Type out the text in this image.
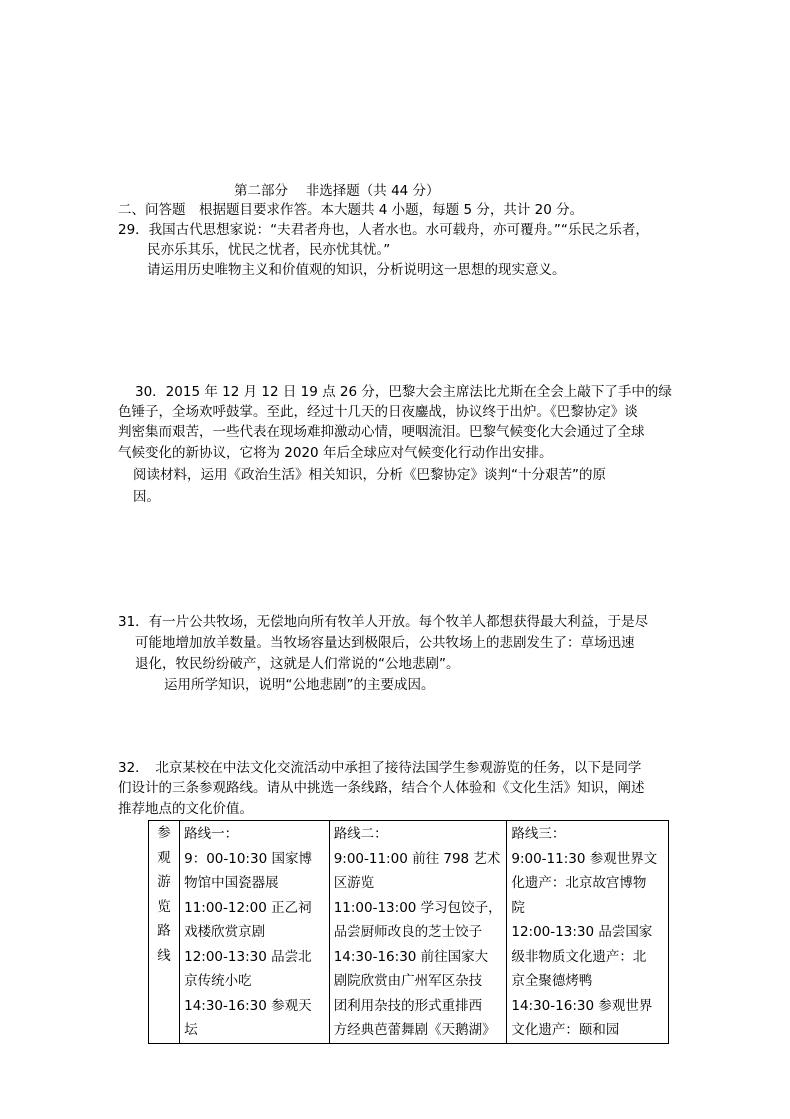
第二部分　 非选择题（共 44 分）
二、问答题　根据题目要求作答。本大题共 4 小题，每题 5 分，共计 20 分。
29．我国古代思想家说：“夫君者舟也，人者水也。水可载舟，亦可覆舟。”“乐民之乐者，
民亦乐其乐，忧民之忧者，民亦忧其忧。”
请运用历史唯物主义和价值观的知识，分析说明这一思想的现实意义。
30．2015 年 12 月 12 日 19 点 26 分，巴黎大会主席法比尤斯在全会上敲下了手中的绿
色锤子，全场欢呼鼓掌。至此，经过十几天的日夜鏖战，协议终于出炉。《巴黎协定》谈
判密集而艰苦，一些代表在现场难抑激动心情，哽咽流泪。巴黎气候变化大会通过了全球
气候变化的新协议，它将为 2020 年后全球应对气候变化行动作出安排。
阅读材料，运用《政治生活》相关知识，分析《巴黎协定》谈判“十分艰苦”的原
因。
31．有一片公共牧场，无偿地向所有牧羊人开放。每个牧羊人都想获得最大利益，于是尽
可能地增加放羊数量。当牧场容量达到极限后，公共牧场上的悲剧发生了：草场迅速
退化，牧民纷纷破产，这就是人们常说的“公地悲剧”。
运用所学知识，说明“公地悲剧”的主要成因。
32．　北京某校在中法文化交流活动中承担了接待法国学生参观游览的任务，以下是同学
们设计的三条参观路线。请从中挑选一条线路，结合个人体验和《文化生活》知识，阐述
推荐地点的文化价值。
参
观
游
览
路
线

路线一：
9：00-10:30 国家博
物馆中国瓷器展
11:00-12:00 正乙祠
戏楼欣赏京剧
12:00-13:30 品尝北
京传统小吃
14:30-16:30 参观天
坛

路线二：
9:00-11:00 前往 798 艺术
区游览
11:00-13:00 学习包饺子，
品尝厨师改良的芝士饺子
14:30-16:30 前往国家大
剧院欣赏由广州军区杂技
团利用杂技的形式重排西
方经典芭蕾舞剧《天鹅湖》

路线三：
9:00-11:30 参观世界文
化遗产：北京故宫博物
院
12:00-13:30 品尝国家
级非物质文化遗产：北
京全聚德烤鸭
14:30-16:30 参观世界
文化遗产：颐和园
